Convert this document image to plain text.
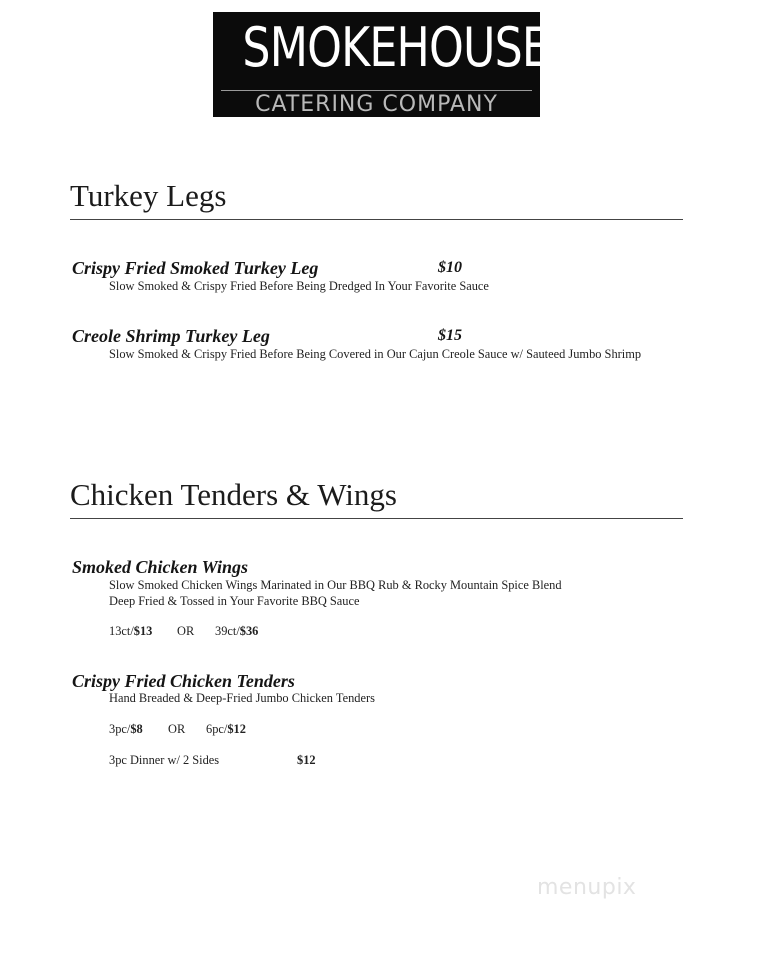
SMOKEHOUSE
CATERING COMPANY
Turkey Legs
Crispy Fried Smoked Turkey Leg	$10
Slow Smoked & Crispy Fried Before Being Dredged In Your Favorite Sauce
Creole Shrimp Turkey Leg	$15
Slow Smoked & Crispy Fried Before Being Covered in Our Cajun Creole Sauce w/ Sauteed Jumbo Shrimp
Chicken Tenders & Wings
Smoked Chicken Wings
Slow Smoked Chicken Wings Marinated in Our BBQ Rub & Rocky Mountain Spice Blend
Deep Fried & Tossed in Your Favorite BBQ Sauce
13ct/$13 OR 39ct/$36
Crispy Fried Chicken Tenders
Hand Breaded & Deep-Fried Jumbo Chicken Tenders
3pc/$8 OR 6pc/$12
3pc Dinner w/ 2 Sides	$12
menupix
